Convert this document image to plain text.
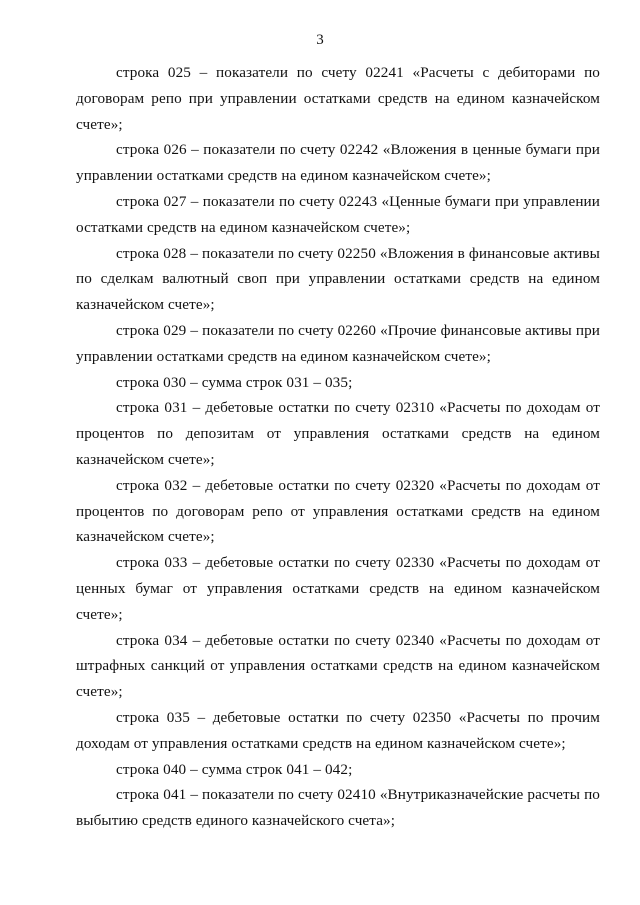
3

строка 025 – показатели по счету 02241 «Расчеты с дебиторами по
договорам репо при управлении остатками средств на едином казначейском
счете»;

строка 026 – показатели по счету 02242 «Вложения в ценные бумаги при
управлении остатками средств на едином казначейском счете»;

строка 027 – показатели по счету 02243 «Ценные бумаги при управлении
остатками средств на едином казначейском счете»;

строка 028 – показатели по счету 02250 «Вложения в финансовые активы
по сделкам валютный своп при управлении остатками средств на едином
казначейском счете»;

строка 029 – показатели по счету 02260 «Прочие финансовые активы при
управлении остатками средств на едином казначейском счете»;

строка 030 – сумма строк 031 – 035;

строка 031 – дебетовые остатки по счету 02310 «Расчеты по доходам от
процентов по депозитам от управления остатками средств на едином
казначейском счете»;

строка 032 – дебетовые остатки по счету 02320 «Расчеты по доходам от
процентов по договорам репо от управления остатками средств на едином
казначейском счете»;

строка 033 – дебетовые остатки по счету 02330 «Расчеты по доходам от
ценных бумаг от управления остатками средств на едином казначейском
счете»;

строка 034 – дебетовые остатки по счету 02340 «Расчеты по доходам от
штрафных санкций от управления остатками средств на едином казначейском
счете»;

строка 035 – дебетовые остатки по счету 02350 «Расчеты по прочим
доходам от управления остатками средств на едином казначейском счете»;

строка 040 – сумма строк 041 – 042;

строка 041 – показатели по счету 02410 «Внутриказначейские расчеты по
выбытию средств единого казначейского счета»;
